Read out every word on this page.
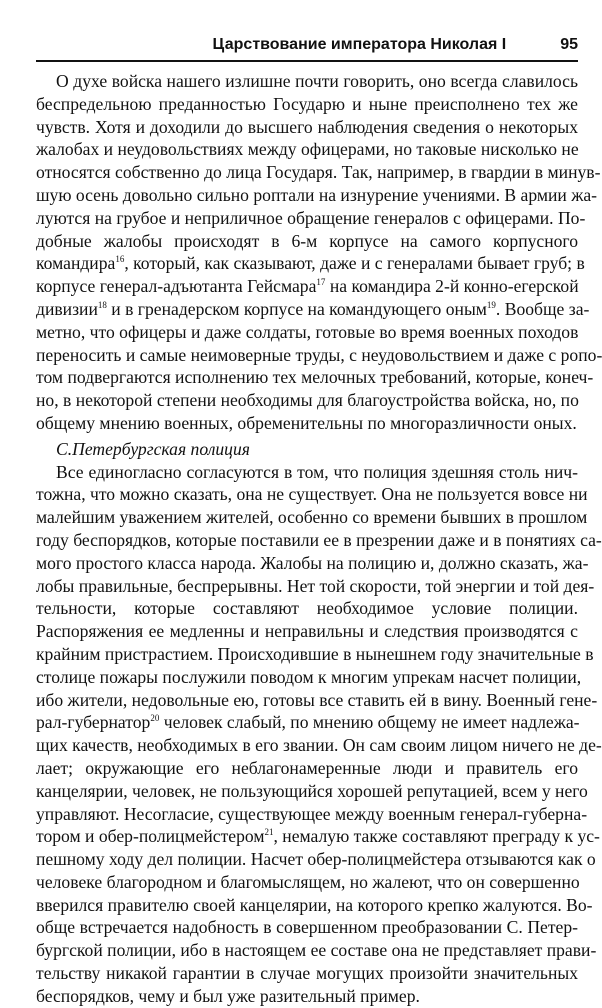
Царствование императора Николая I	95
О духе войска нашего излишне почти говорить, оно всегда славилось
беспредельною преданностью Государю и ныне преисполнено тех же
чувств. Хотя и доходили до высшего наблюдения сведения о некоторых
жалобах и неудовольствиях между офицерами, но таковые нисколько не
относятся собственно до лица Государя. Так, например, в гвардии в минув-
шую осень довольно сильно роптали на изнурение учениями. В армии жа-
луются на грубое и неприличное обращение генералов с офицерами. По-
добные жалобы происходят в 6-м корпусе на самого корпусного
командира$^{16}$, который, как сказывают, даже и с генералами бывает груб; в
корпусе генерал-адъютанта Гейсмара$^{17}$ на командира 2-й конно-егерской
дивизии$^{18}$ и в гренадерском корпусе на командующего оным$^{19}$. Вообще за-
метно, что офицеры и даже солдаты, готовые во время военных походов
переносить и самые неимоверные труды, с неудовольствием и даже с ропо-
том подвергаются исполнению тех мелочных требований, которые, конеч-
но, в некоторой степени необходимы для благоустройства войска, но, по
общему мнению военных, обременительны по многоразличности оных.
С.Петербургская полиция
Все единогласно согласуются в том, что полиция здешняя столь нич-
тожна, что можно сказать, она не существует. Она не пользуется вовсе ни
малейшим уважением жителей, особенно со времени бывших в прошлом
году беспорядков, которые поставили ее в презрении даже и в понятиях са-
мого простого класса народа. Жалобы на полицию и, должно сказать, жа-
лобы правильные, беспрерывны. Нет той скорости, той энергии и той дея-
тельности, которые составляют необходимое условие полиции.
Распоряжения ее медленны и неправильны и следствия производятся с
крайним пристрастием. Происходившие в нынешнем году значительные в
столице пожары послужили поводом к многим упрекам насчет полиции,
ибо жители, недовольные ею, готовы все ставить ей в вину. Военный гене-
рал-губернатор$^{20}$ человек слабый, по мнению общему не имеет надлежа-
щих качеств, необходимых в его звании. Он сам своим лицом ничего не де-
лает; окружающие его неблагонамеренные люди и правитель его
канцелярии, человек, не пользующийся хорошей репутацией, всем у него
управляют. Несогласие, существующее между военным генерал-губерна-
тором и обер-полицмейстером$^{21}$, немалую также составляют преграду к ус-
пешному ходу дел полиции. Насчет обер-полицмейстера отзываются как о
человеке благородном и благомыслящем, но жалеют, что он совершенно
вверился правителю своей канцелярии, на которого крепко жалуются. Во-
обще встречается надобность в совершенном преобразовании С. Петер-
бургской полиции, ибо в настоящем ее составе она не представляет прави-
тельству никакой гарантии в случае могущих произойти значительных
беспорядков, чему и был уже разительный пример.
